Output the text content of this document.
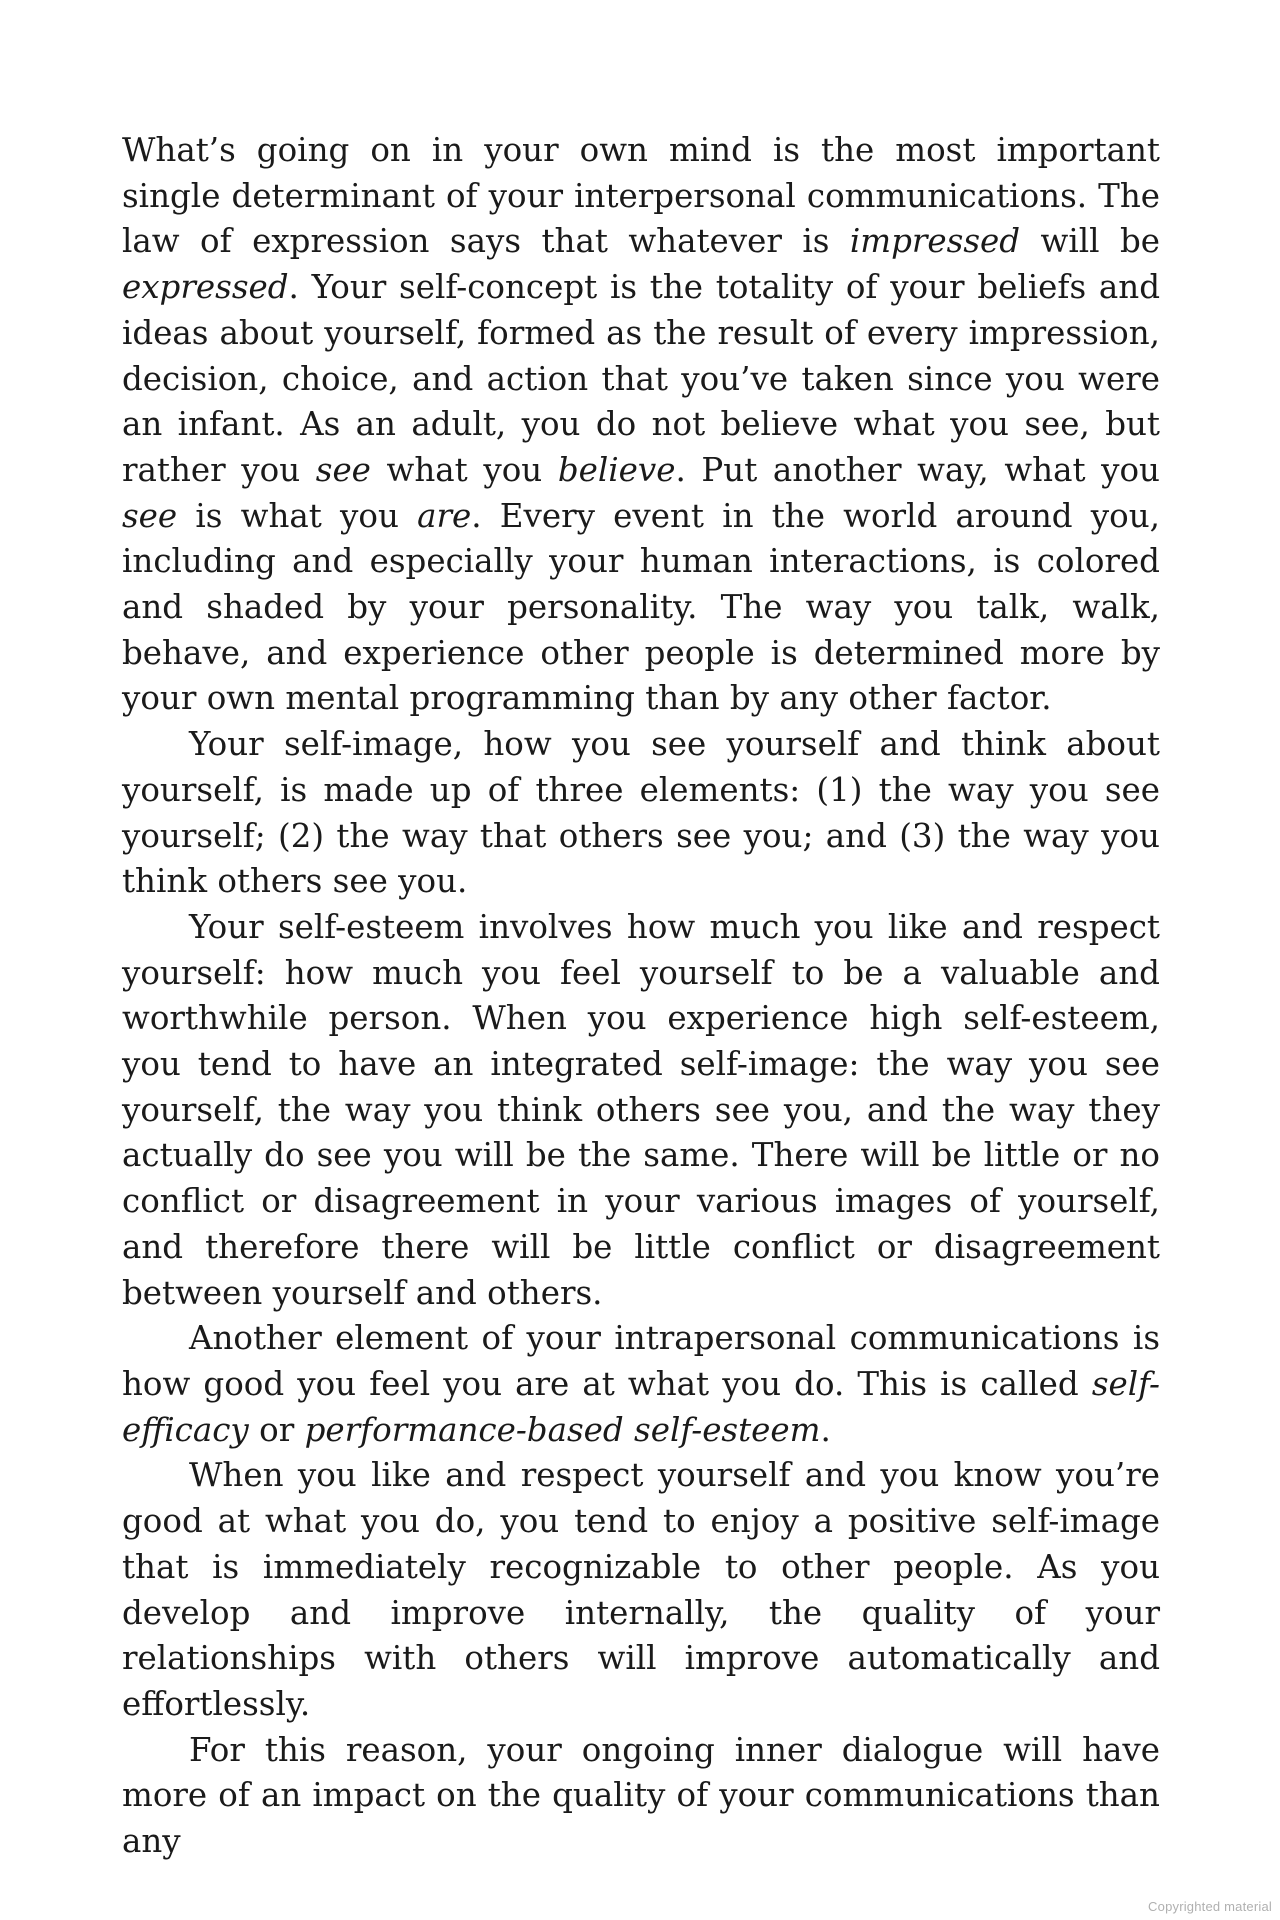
What’s going on in your own mind is the most important single determinant of your interpersonal communications. The law of expression says that whatever is impressed will be expressed. Your self-concept is the totality of your beliefs and ideas about yourself, formed as the result of every impression, decision, choice, and action that you’ve taken since you were an infant. As an adult, you do not believe what you see, but rather you see what you believe. Put another way, what you see is what you are. Every event in the world around you, including and especially your human interactions, is colored and shaded by your personality. The way you talk, walk, behave, and experience other people is determined more by your own mental programming than by any other factor.

Your self-image, how you see yourself and think about yourself, is made up of three elements: (1) the way you see yourself; (2) the way that others see you; and (3) the way you think others see you.

Your self-esteem involves how much you like and respect yourself: how much you feel yourself to be a valuable and worthwhile person. When you experience high self-esteem, you tend to have an integrated self-image: the way you see yourself, the way you think others see you, and the way they actually do see you will be the same. There will be little or no conflict or disagreement in your various images of yourself, and therefore there will be little conflict or disagreement between yourself and others.

Another element of your intrapersonal communications is how good you feel you are at what you do. This is called self-efficacy or performance-based self-esteem.

When you like and respect yourself and you know you’re good at what you do, you tend to enjoy a positive self-image that is immediately recognizable to other people. As you develop and improve internally, the quality of your relationships with others will improve automatically and effortlessly.

For this reason, your ongoing inner dialogue will have more of an impact on the quality of your communications than any

Copyrighted material
